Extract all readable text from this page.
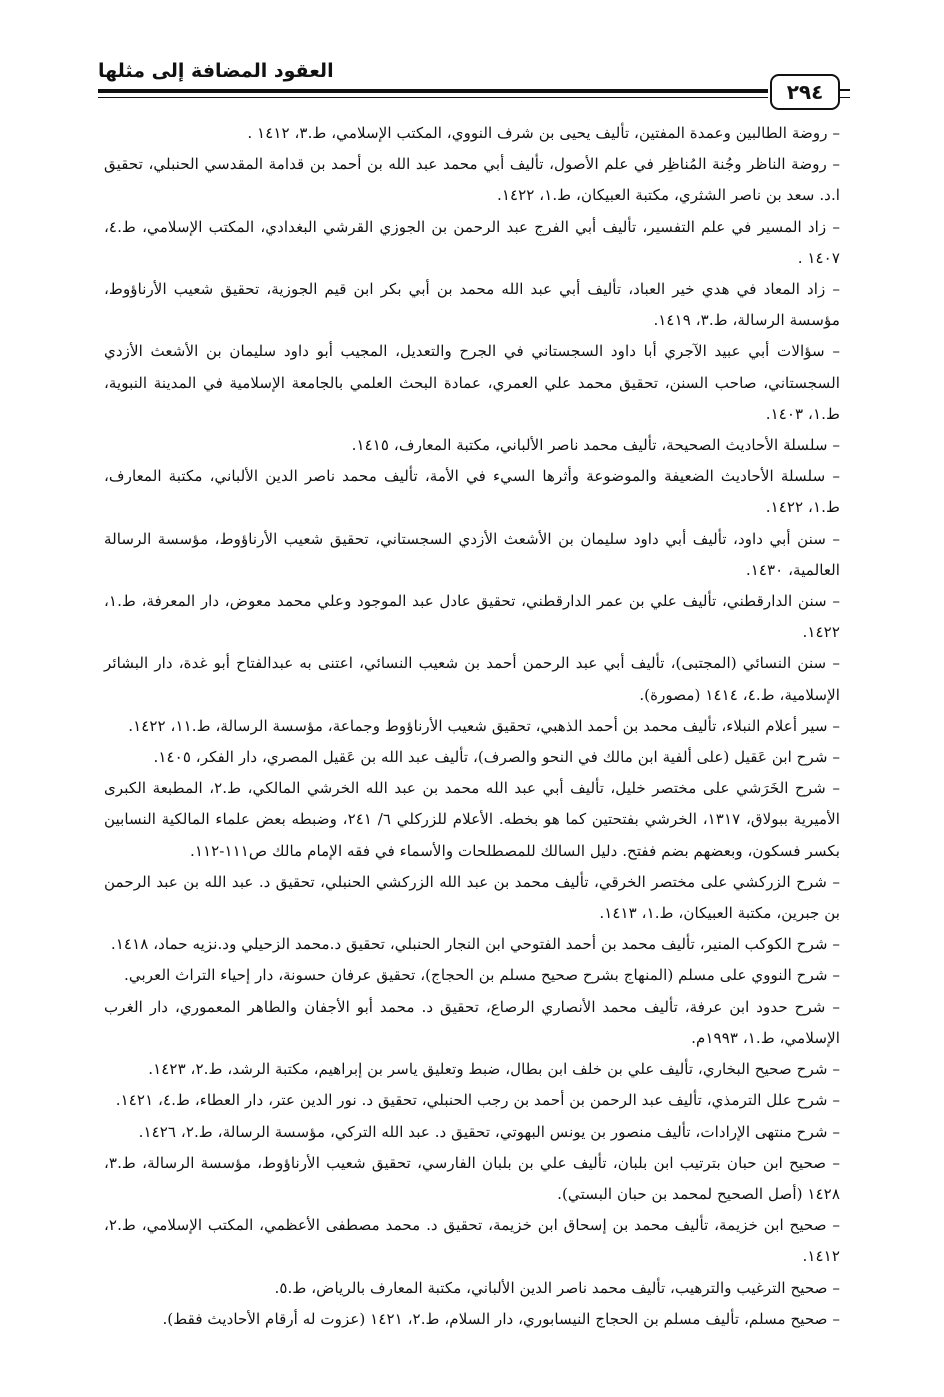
العقود المضافة إلى مثلها
٢٩٤
– روضة الطالبين وعمدة المفتين، تأليف يحيى بن شرف النووي، المكتب الإسلامي، ط.٣، ١٤١٢ .
– روضة الناظر وجُنة المُناظِر في علم الأصول، تأليف أبي محمد عبد الله بن أحمد بن قدامة المقدسي الحنبلي، تحقيق ا.د. سعد بن ناصر الشثري، مكتبة العبيكان، ط.١، ١٤٢٢.
– زاد المسير في علم التفسير، تأليف أبي الفرج عبد الرحمن بن الجوزي القرشي البغدادي، المكتب الإسلامي، ط.٤، ١٤٠٧ .
– زاد المعاد في هدي خير العباد، تأليف أبي عبد الله محمد بن أبي بكر ابن قيم الجوزية، تحقيق شعيب الأرناؤوط، مؤسسة الرسالة، ط.٣، ١٤١٩.
– سؤالات أبي عبيد الآجري أبا داود السجستاني في الجرح والتعديل، المجيب أبو داود سليمان بن الأشعث الأزدي السجستاني، صاحب السنن، تحقيق محمد علي العمري، عمادة البحث العلمي بالجامعة الإسلامية في المدينة النبوية، ط.١، ١٤٠٣.
– سلسلة الأحاديث الصحيحة، تأليف محمد ناصر الألباني، مكتبة المعارف، ١٤١٥.
– سلسلة الأحاديث الضعيفة والموضوعة وأثرها السيء في الأمة، تأليف محمد ناصر الدين الألباني، مكتبة المعارف، ط.١، ١٤٢٢.
– سنن أبي داود، تأليف أبي داود سليمان بن الأشعث الأزدي السجستاني، تحقيق شعيب الأرناؤوط، مؤسسة الرسالة العالمية، ١٤٣٠.
– سنن الدارقطني، تأليف علي بن عمر الدارقطني، تحقيق عادل عبد الموجود وعلي محمد معوض، دار المعرفة، ط.١، ١٤٢٢.
– سنن النسائي (المجتبى)، تأليف أبي عبد الرحمن أحمد بن شعيب النسائي، اعتنى به عبدالفتاح أبو غدة، دار البشائر الإسلامية، ط.٤، ١٤١٤ (مصورة).
– سير أعلام النبلاء، تأليف محمد بن أحمد الذهبي، تحقيق شعيب الأرناؤوط وجماعة، مؤسسة الرسالة، ط.١١، ١٤٢٢.
– شرح ابن عَقيل (على ألفية ابن مالك في النحو والصرف)، تأليف عبد الله بن عَقيل المصري، دار الفكر، ١٤٠٥.
– شرح الخَرَشي على مختصر خليل، تأليف أبي عبد الله محمد بن عبد الله الخرشي المالكي، ط.٢، المطبعة الكبرى الأميرية ببولاق، ١٣١٧، الخرشي بفتحتين كما هو بخطه. الأعلام للزركلي ٦/ ٢٤١، وضبطه بعض علماء المالكية النسابين بكسر فسكون، وبعضهم بضم ففتح. دليل السالك للمصطلحات والأسماء في فقه الإمام مالك ص١١١-١١٢.
– شرح الزركشي على مختصر الخرقي، تأليف محمد بن عبد الله الزركشي الحنبلي، تحقيق د. عبد الله بن عبد الرحمن بن جبرين، مكتبة العبيكان، ط.١، ١٤١٣.
– شرح الكوكب المنير، تأليف محمد بن أحمد الفتوحي ابن النجار الحنبلي، تحقيق د.محمد الزحيلي ود.نزيه حماد، ١٤١٨.
– شرح النووي على مسلم (المنهاج بشرح صحيح مسلم بن الحجاج)، تحقيق عرفان حسونة، دار إحياء التراث العربي.
– شرح حدود ابن عرفة، تأليف محمد الأنصاري الرصاع، تحقيق د. محمد أبو الأجفان والطاهر المعموري، دار الغرب الإسلامي، ط.١، ١٩٩٣م.
– شرح صحيح البخاري، تأليف علي بن خلف ابن بطال، ضبط وتعليق ياسر بن إبراهيم، مكتبة الرشد، ط.٢، ١٤٢٣.
– شرح علل الترمذي، تأليف عبد الرحمن بن أحمد بن رجب الحنبلي، تحقيق د. نور الدين عتر، دار العطاء، ط.٤، ١٤٢١.
– شرح منتهى الإرادات، تأليف منصور بن يونس البهوتي، تحقيق د. عبد الله التركي، مؤسسة الرسالة، ط.٢، ١٤٢٦.
– صحيح ابن حبان بترتيب ابن بلبان، تأليف علي بن بلبان الفارسي، تحقيق شعيب الأرناؤوط، مؤسسة الرسالة، ط.٣، ١٤٢٨ (أصل الصحيح لمحمد بن حبان البستي).
– صحيح ابن خزيمة، تأليف محمد بن إسحاق ابن خزيمة، تحقيق د. محمد مصطفى الأعظمي، المكتب الإسلامي، ط.٢، ١٤١٢.
– صحيح الترغيب والترهيب، تأليف محمد ناصر الدين الألباني، مكتبة المعارف بالرياض، ط.٥.
– صحيح مسلم، تأليف مسلم بن الحجاج النيسابوري، دار السلام، ط.٢، ١٤٢١ (عزوت له أرقام الأحاديث فقط).
